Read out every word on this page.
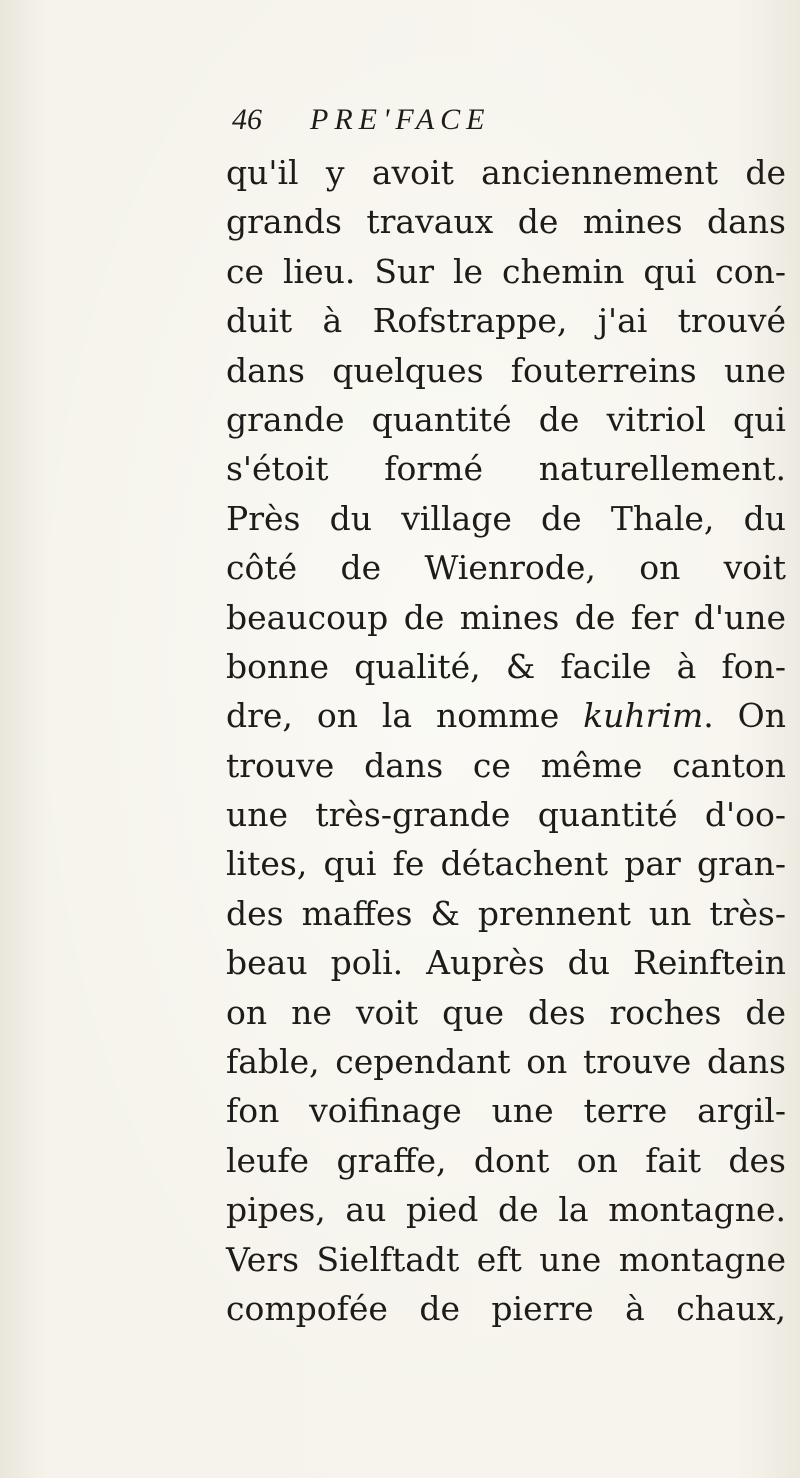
46 PRE'FACE
qu'il y avoit anciennement de
grands travaux de mines dans
ce lieu. Sur le chemin qui con-
duit à Rofstrappe, j'ai trouvé
dans quelques fouterreins une
grande quantité de vitriol qui
s'étoit formé naturellement.
Près du village de Thale, du
côté de Wienrode, on voit
beaucoup de mines de fer d'une
bonne qualité, & facile à fon-
dre, on la nomme kuhrim. On
trouve dans ce même canton
une très-grande quantité d'oo-
lites, qui fe détachent par gran-
des maffes & prennent un très-
beau poli. Auprès du Reinftein
on ne voit que des roches de
fable, cependant on trouve dans
fon voifinage une terre argil-
leufe graffe, dont on fait des
pipes, au pied de la montagne.
Vers Sielftadt eft une montagne
compofée de pierre à chaux,
